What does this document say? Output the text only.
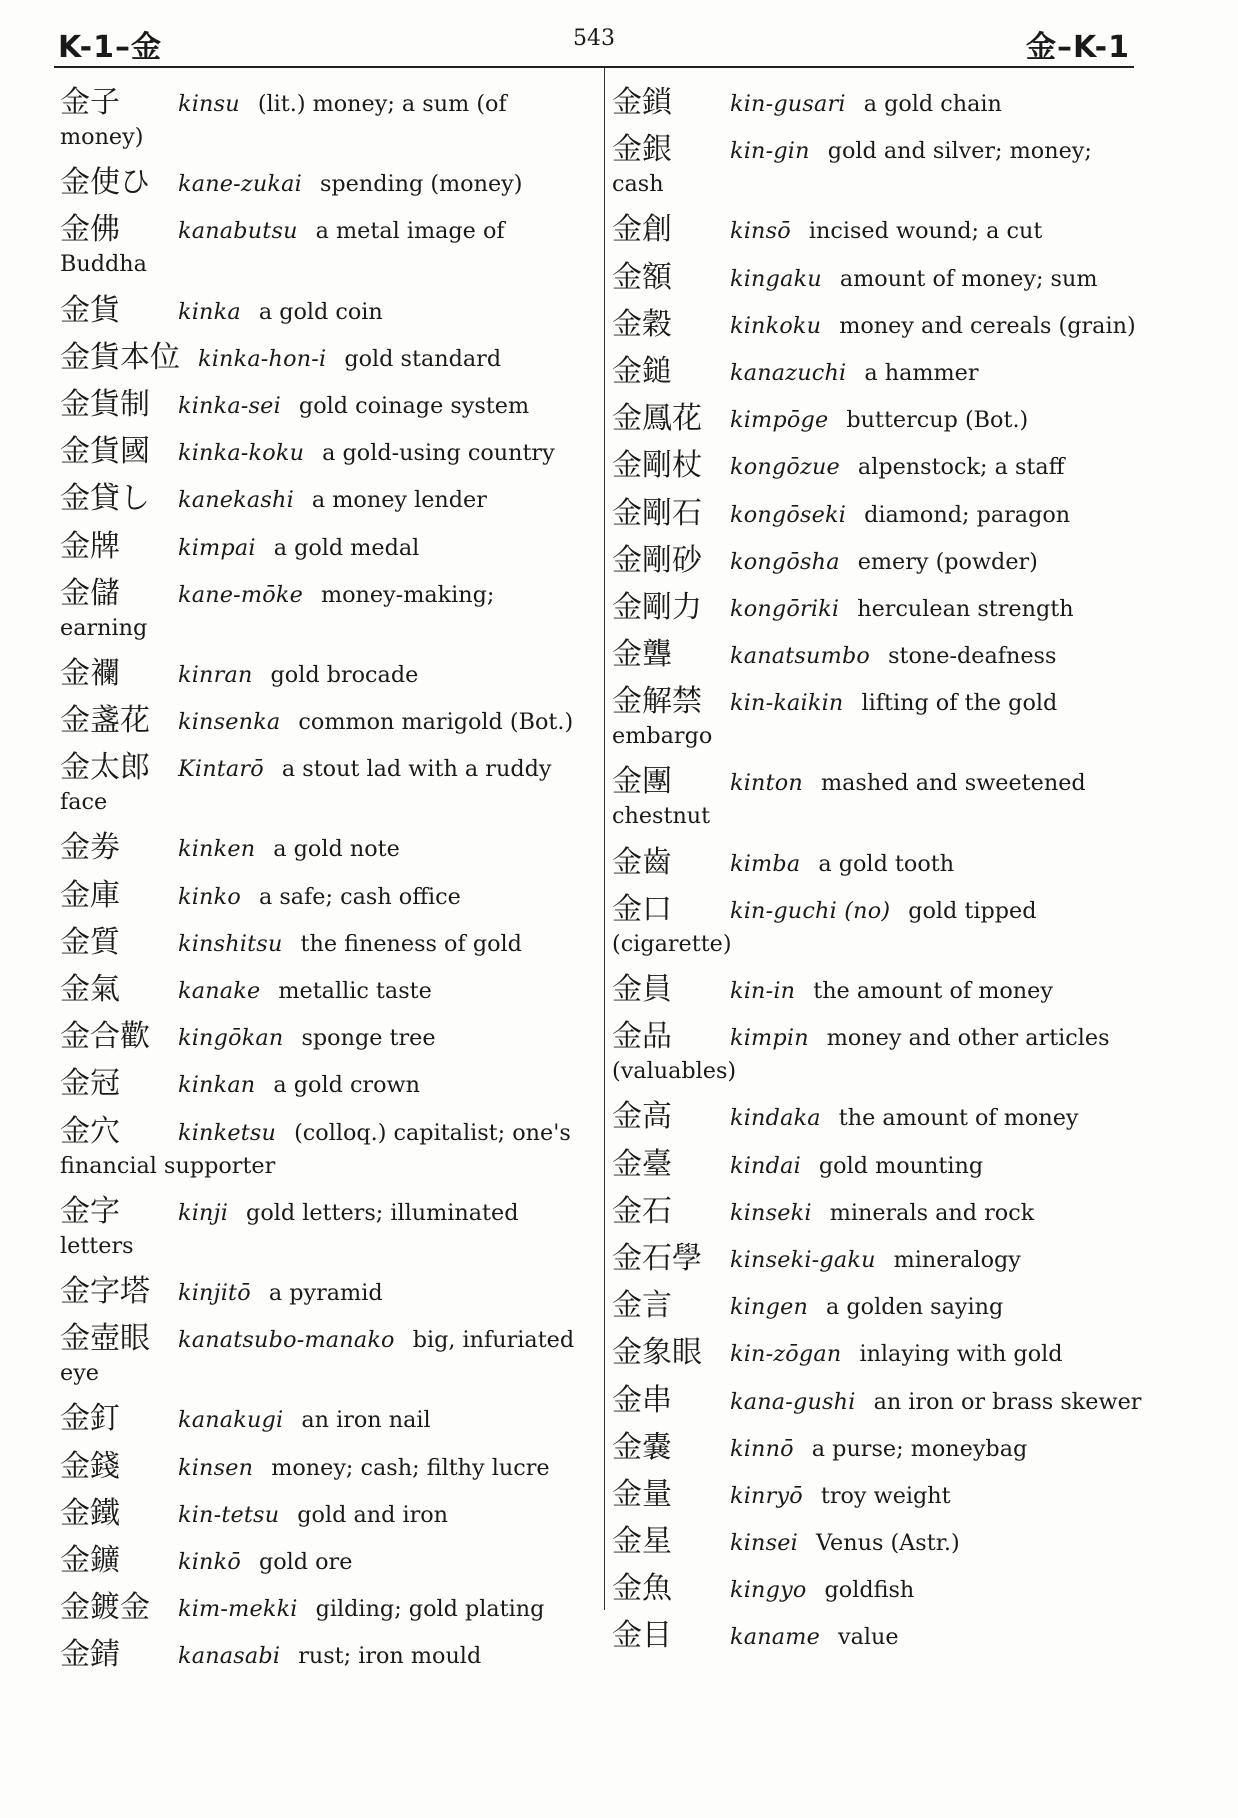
K-1–金	543	金–K-1
金子	kinsu (lit.) money; a sum (of money)
金使ひ kane-zukai spending (money)
金佛	kanabutsu a metal image of Buddha
金貨	kinka a gold coin
金貨本位 kinka-hon-i gold standard
金貨制 kinka-sei gold coinage system
金貨國 kinka-koku a gold-using country
金貸し kanekashi a money lender
金牌	kimpai a gold medal
金儲	kane-mōke money-making; earning
金襴	kinran gold brocade
金盞花 kinsenka common marigold (Bot.)
金太郎 Kintarō a stout lad with a ruddy face
金劵	kinken a gold note
金庫	kinko a safe; cash office
金質	kinshitsu the fineness of gold
金氣	kanake metallic taste
金合歡 kingōkan sponge tree
金冠	kinkan a gold crown
金穴	kinketsu (colloq.) capitalist; one's financial supporter
金字	kinji gold letters; illuminated letters
金字塔 kinjitō a pyramid
金壺眼 kanatsubo-manako big, infuriated eye
金釘	kanakugi an iron nail
金錢	kinsen money; cash; filthy lucre
金鐵	kin-tetsu gold and iron
金鑛	kinkō gold ore
金鍍金 kim-mekki gilding; gold plating
金錆	kanasabi rust; iron mould
金鎖	kin-gusari a gold chain
金銀	kin-gin gold and silver; money; cash
金創	kinsō incised wound; a cut
金額	kingaku amount of money; sum
金穀	kinkoku money and cereals (grain)
金鎚	kanazuchi a hammer
金鳳花 kimpōge buttercup (Bot.)
金剛杖 kongōzue alpenstock; a staff
金剛石 kongōseki diamond; paragon
金剛砂 kongōsha emery (powder)
金剛力 kongōriki herculean strength
金聾	kanatsumbo stone-deafness
金解禁 kin-kaikin lifting of the gold embargo
金團	kinton mashed and sweetened chestnut
金齒	kimba a gold tooth
金口	kin-guchi (no) gold tipped (cigarette)
金員	kin-in the amount of money
金品	kimpin money and other articles (valuables)
金高	kindaka the amount of money
金臺	kindai gold mounting
金石	kinseki minerals and rock
金石學 kinseki-gaku mineralogy
金言	kingen a golden saying
金象眼 kin-zōgan inlaying with gold
金串	kana-gushi an iron or brass skewer
金嚢	kinnō a purse; moneybag
金量	kinryō troy weight
金星	kinsei Venus (Astr.)
金魚	kingyo goldfish
金目	kaname value
